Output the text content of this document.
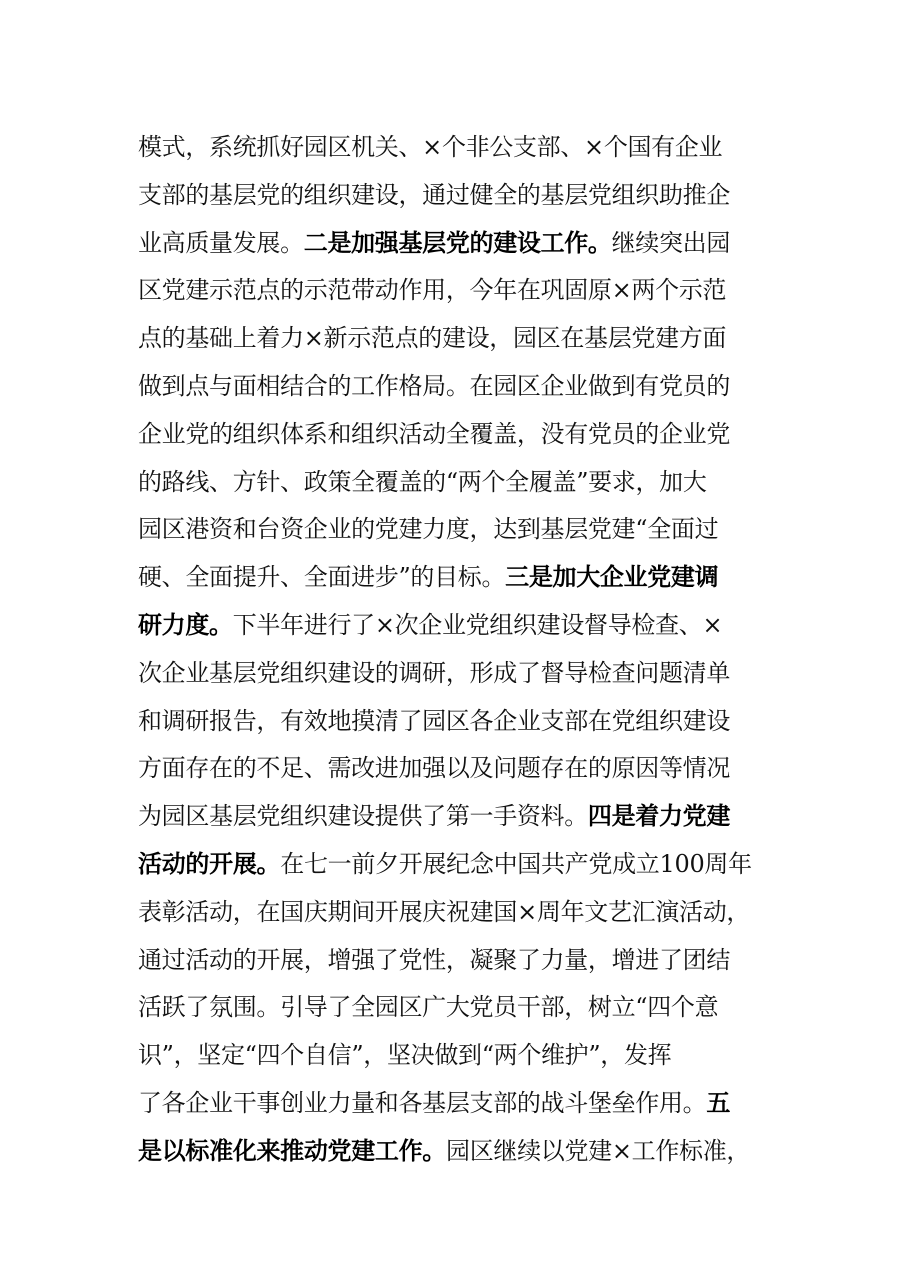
模式，系统抓好园区机关、×个非公支部、×个国有企业
支部的基层党的组织建设，通过健全的基层党组织助推企
业高质量发展。二是加强基层党的建设工作。继续突出园
区党建示范点的示范带动作用，今年在巩固原×两个示范
点的基础上着力×新示范点的建设，园区在基层党建方面
做到点与面相结合的工作格局。在园区企业做到有党员的
企业党的组织体系和组织活动全覆盖，没有党员的企业党
的路线、方针、政策全覆盖的“两个全履盖”要求，加大
园区港资和台资企业的党建力度，达到基层党建“全面过
硬、全面提升、全面进步”的目标。三是加大企业党建调
研力度。下半年进行了×次企业党组织建设督导检查、×
次企业基层党组织建设的调研，形成了督导检查问题清单
和调研报告，有效地摸清了园区各企业支部在党组织建设
方面存在的不足、需改进加强以及问题存在的原因等情况
为园区基层党组织建设提供了第一手资料。四是着力党建
活动的开展。在七一前夕开展纪念中国共产党成立100周年
表彰活动，在国庆期间开展庆祝建国×周年文艺汇演活动，
通过活动的开展，增强了党性，凝聚了力量，增进了团结
活跃了氛围。引导了全园区广大党员干部，树立“四个意
识”，坚定“四个自信”，坚决做到“两个维护”，发挥
了各企业干事创业力量和各基层支部的战斗堡垒作用。五
是以标准化来推动党建工作。园区继续以党建×工作标准，
